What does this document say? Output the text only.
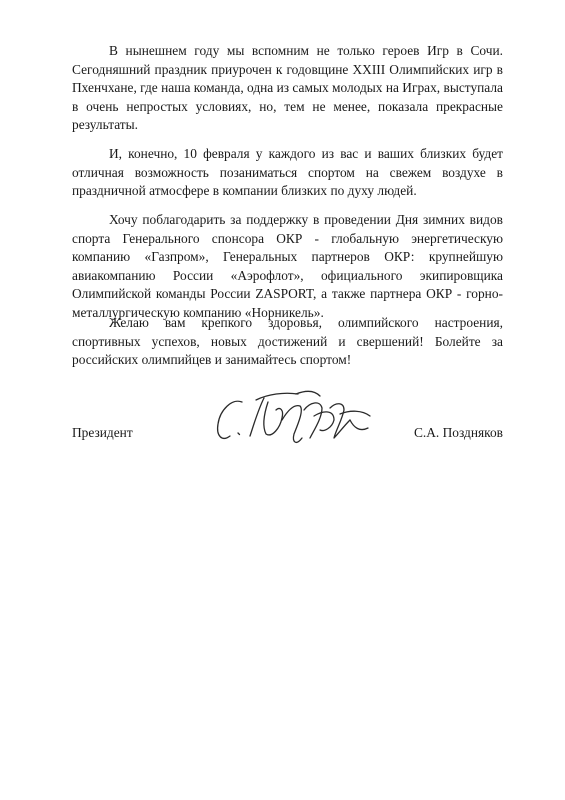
В нынешнем году мы вспомним не только героев Игр в Сочи. Сегодняшний праздник приурочен к годовщине XXIII Олимпийских игр в Пхенчхане, где наша команда, одна из самых молодых на Играх, выступала в очень непростых условиях, но, тем не менее, показала прекрасные результаты.

И, конечно, 10 февраля у каждого из вас и ваших близких будет отличная возможность позаниматься спортом на свежем воздухе в праздничной атмосфере в компании близких по духу людей.

Хочу поблагодарить за поддержку в проведении Дня зимних видов спорта Генерального спонсора ОКР - глобальную энергетическую компанию «Газпром», Генеральных партнеров ОКР: крупнейшую авиакомпанию России «Аэрофлот», официального экипировщика Олимпийской команды России ZASPORT, а также партнера ОКР - горно-металлургическую компанию «Норникель».

Желаю вам крепкого здоровья, олимпийского настроения, спортивных успехов, новых достижений и свершений! Болейте за российских олимпийцев и занимайтесь спортом!

Президент	С.А. Поздняков
